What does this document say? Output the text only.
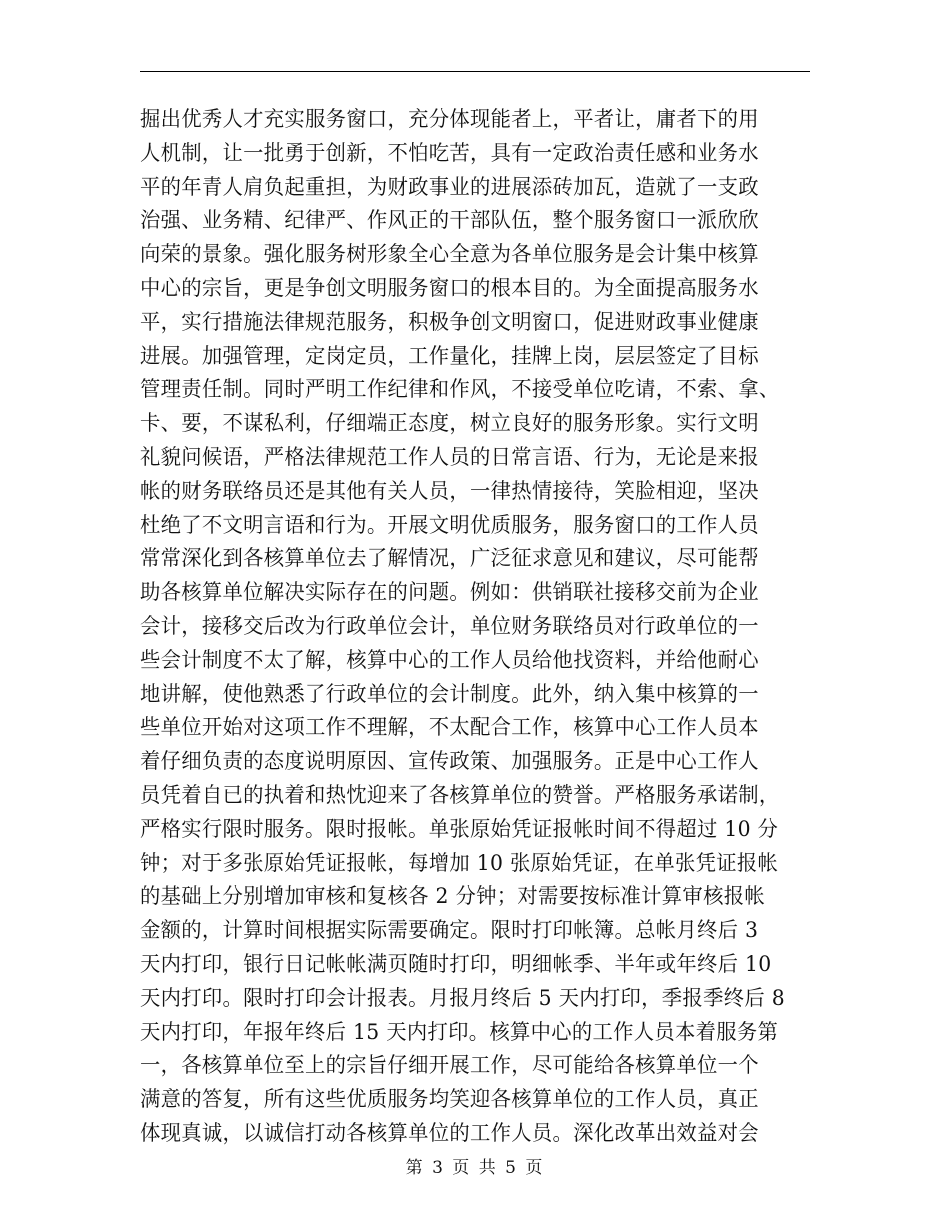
掘出优秀人才充实服务窗口，充分体现能者上，平者让，庸者下的用
人机制，让一批勇于创新，不怕吃苦，具有一定政治责任感和业务水
平的年青人肩负起重担，为财政事业的进展添砖加瓦，造就了一支政
治强、业务精、纪律严、作风正的干部队伍，整个服务窗口一派欣欣
向荣的景象。强化服务树形象全心全意为各单位服务是会计集中核算
中心的宗旨，更是争创文明服务窗口的根本目的。为全面提高服务水
平，实行措施法律规范服务，积极争创文明窗口，促进财政事业健康
进展。加强管理，定岗定员，工作量化，挂牌上岗，层层签定了目标
管理责任制。同时严明工作纪律和作风，不接受单位吃请，不索、拿、
卡、要，不谋私利，仔细端正态度，树立良好的服务形象。实行文明
礼貌问候语，严格法律规范工作人员的日常言语、行为，无论是来报
帐的财务联络员还是其他有关人员，一律热情接待，笑脸相迎，坚决
杜绝了不文明言语和行为。开展文明优质服务，服务窗口的工作人员
常常深化到各核算单位去了解情况，广泛征求意见和建议，尽可能帮
助各核算单位解决实际存在的问题。例如：供销联社接移交前为企业
会计，接移交后改为行政单位会计，单位财务联络员对行政单位的一
些会计制度不太了解，核算中心的工作人员给他找资料，并给他耐心
地讲解，使他熟悉了行政单位的会计制度。此外，纳入集中核算的一
些单位开始对这项工作不理解，不太配合工作，核算中心工作人员本
着仔细负责的态度说明原因、宣传政策、加强服务。正是中心工作人
员凭着自已的执着和热忱迎来了各核算单位的赞誉。严格服务承诺制，
严格实行限时服务。限时报帐。单张原始凭证报帐时间不得超过 10 分
钟；对于多张原始凭证报帐，每增加 10 张原始凭证，在单张凭证报帐
的基础上分别增加审核和复核各 2 分钟；对需要按标准计算审核报帐
金额的，计算时间根据实际需要确定。限时打印帐簿。总帐月终后 3
天内打印，银行日记帐帐满页随时打印，明细帐季、半年或年终后 10
天内打印。限时打印会计报表。月报月终后 5 天内打印，季报季终后 8
天内打印，年报年终后 15 天内打印。核算中心的工作人员本着服务第
一，各核算单位至上的宗旨仔细开展工作，尽可能给各核算单位一个
满意的答复，所有这些优质服务均笑迎各核算单位的工作人员，真正
体现真诚，以诚信打动各核算单位的工作人员。深化改革出效益对会
第 3 页 共 5 页
